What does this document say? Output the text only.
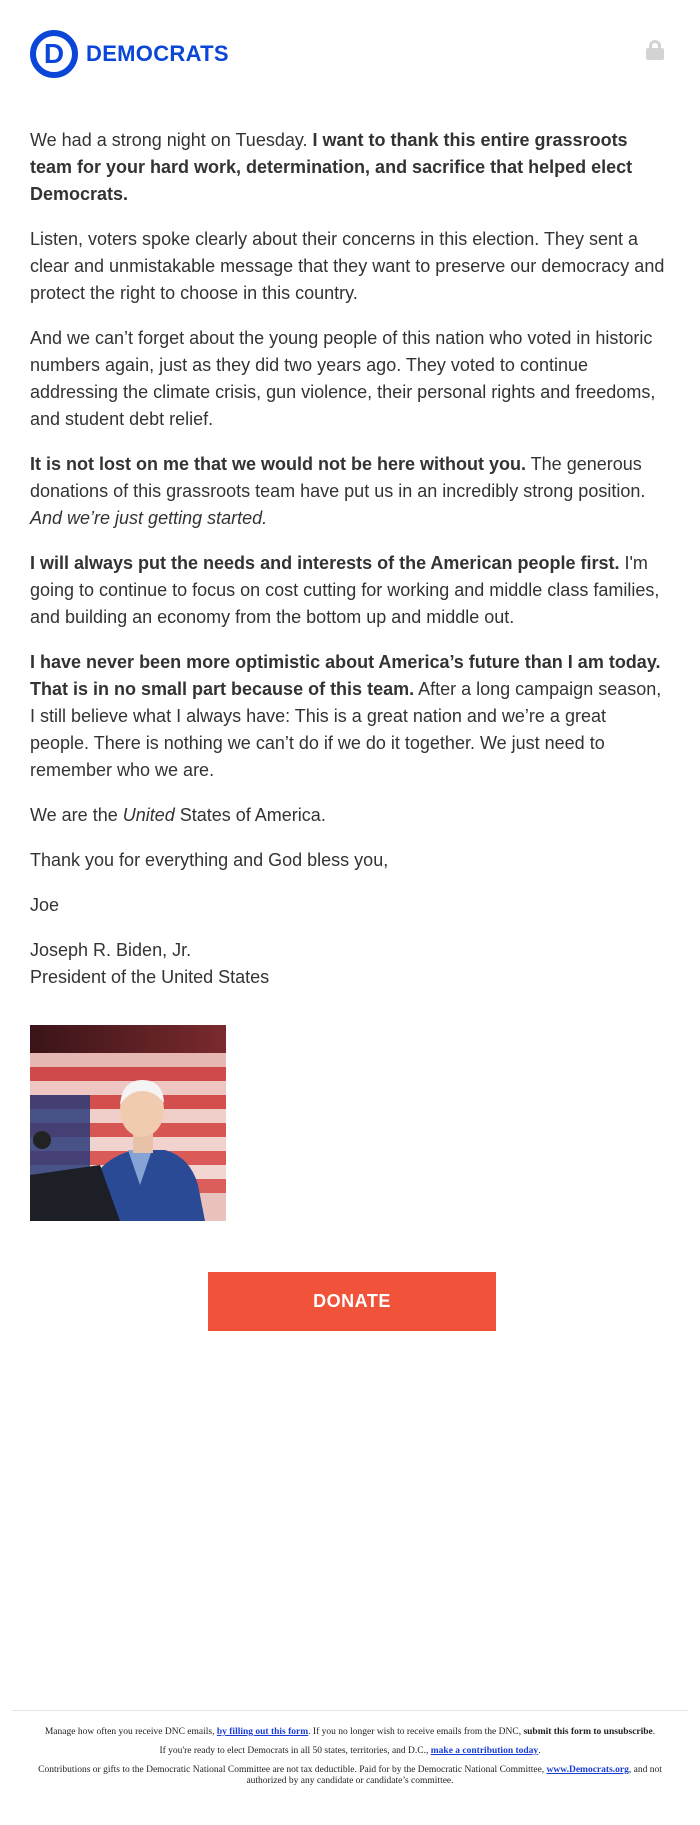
D DEMOCRATS

We had a strong night on Tuesday. I want to thank this entire grassroots team for your hard work, determination, and sacrifice that helped elect Democrats.

Listen, voters spoke clearly about their concerns in this election. They sent a clear and unmistakable message that they want to preserve our democracy and protect the right to choose in this country.

And we can’t forget about the young people of this nation who voted in historic numbers again, just as they did two years ago. They voted to continue addressing the climate crisis, gun violence, their personal rights and freedoms, and student debt relief.

It is not lost on me that we would not be here without you. The generous donations of this grassroots team have put us in an incredibly strong position. And we’re just getting started.

I will always put the needs and interests of the American people first. I'm going to continue to focus on cost cutting for working and middle class families, and building an economy from the bottom up and middle out.

I have never been more optimistic about America’s future than I am today. That is in no small part because of this team. After a long campaign season, I still believe what I always have: This is a great nation and we’re a great people. There is nothing we can’t do if we do it together. We just need to remember who we are.

We are the United States of America.

Thank you for everything and God bless you,

Joe

Joseph R. Biden, Jr.
President of the United States

DONATE

Manage how often you receive DNC emails, by filling out this form. If you no longer wish to receive emails from the DNC, submit this form to unsubscribe.

If you're ready to elect Democrats in all 50 states, territories, and D.C., make a contribution today.

Contributions or gifts to the Democratic National Committee are not tax deductible. Paid for by the Democratic National Committee, www.Democrats.org, and not authorized by any candidate or candidate’s committee.
